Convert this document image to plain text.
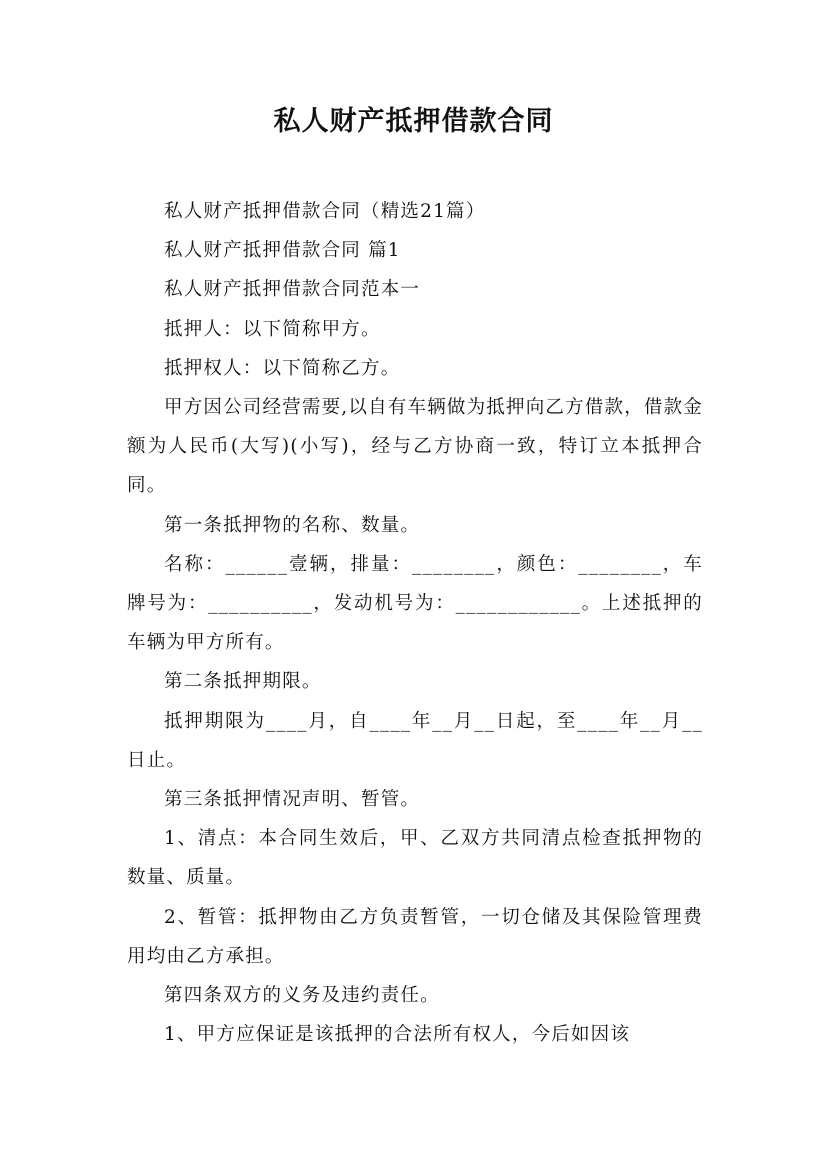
私人财产抵押借款合同

私人财产抵押借款合同（精选21篇）

私人财产抵押借款合同 篇1

私人财产抵押借款合同范本一

抵押人：以下简称甲方。

抵押权人：以下简称乙方。

甲方因公司经营需要,以自有车辆做为抵押向乙方借款，借款金额为人民币(大写)(小写)，经与乙方协商一致，特订立本抵押合同。

第一条抵押物的名称、数量。

名称：______壹辆，排量：________，颜色：________，车牌号为：__________，发动机号为：____________。上述抵押的车辆为甲方所有。

第二条抵押期限。

抵押期限为____月，自____年__月__日起，至____年__月__日止。

第三条抵押情况声明、暂管。

1、清点：本合同生效后，甲、乙双方共同清点检查抵押物的数量、质量。

2、暂管：抵押物由乙方负责暂管，一切仓储及其保险管理费用均由乙方承担。

第四条双方的义务及违约责任。

1、甲方应保证是该抵押的合法所有权人，今后如因该
